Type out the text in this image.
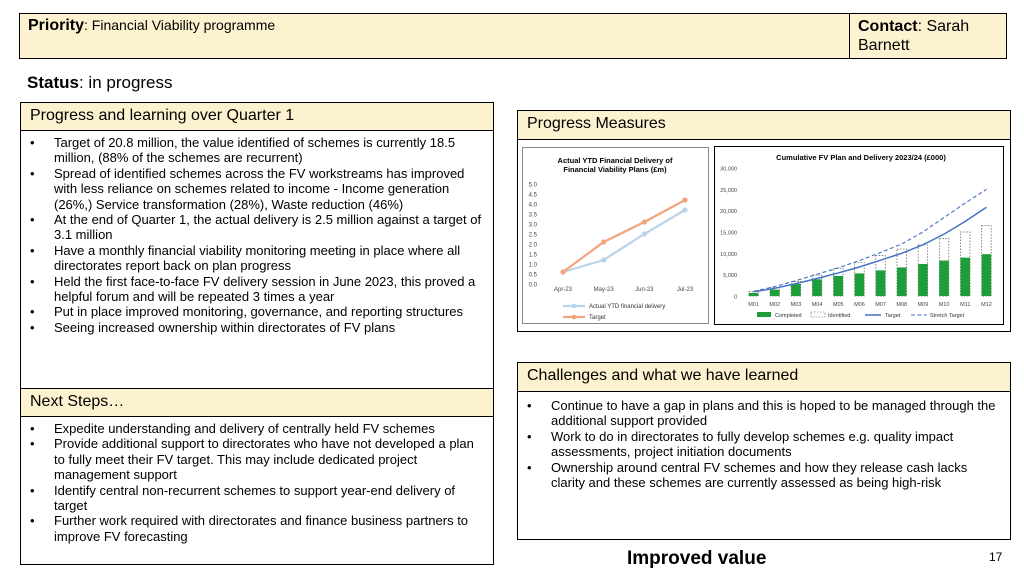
Priority: Financial Viability programme	Contact: Sarah Barnett
Status: in progress
Progress and learning over Quarter 1
• Target of 20.8 million, the value identified of schemes is currently 18.5 million, (88% of the schemes are recurrent)
• Spread of identified schemes across the FV workstreams has improved with less reliance on schemes related to income - Income generation (26%,) Service transformation (28%), Waste reduction (46%)
• At the end of Quarter 1, the actual delivery is 2.5 million against a target of 3.1 million
• Have a monthly financial viability monitoring meeting in place where all directorates report back on plan progress
• Held the first face-to-face FV delivery session in June 2023, this proved a helpful forum and will be repeated 3 times a year
• Put in place improved monitoring, governance, and reporting structures
• Seeing increased ownership within directorates of FV plans
Next Steps…
• Expedite understanding and delivery of centrally held FV schemes
• Provide additional support to directorates who have not developed a plan to fully meet their FV target. This may include dedicated project management support
• Identify central non-recurrent schemes to support year-end delivery of target
• Further work required with directorates and finance business partners to improve FV forecasting
Progress Measures
Actual YTD Financial Delivery of Financial Viability Plans (£m)
0.0
0.5
1.0
1.5
2.0
2.5
3.0
3.5
4.0
4.5
5.0
Apr-23	May-23	Jun-23	Jul-23
Actual YTD financial delivery
Target
Cumulative FV Plan and Delivery 2023/24 (£000)
0
5,000
10,000
15,000
20,000
25,000
30,000
M01 M02 M03 M04 M05 M06 M07 M08 M09 M10 M11 M12
Completed	Identified	Target	Stretch Target
Challenges and what we have learned
• Continue to have a gap in plans and this is hoped to be managed through the additional support provided
• Work to do in directorates to fully develop schemes e.g. quality impact assessments, project initiation documents
• Ownership around central FV schemes and how they release cash lacks clarity and these schemes are currently assessed as being high-risk
Improved value	17
